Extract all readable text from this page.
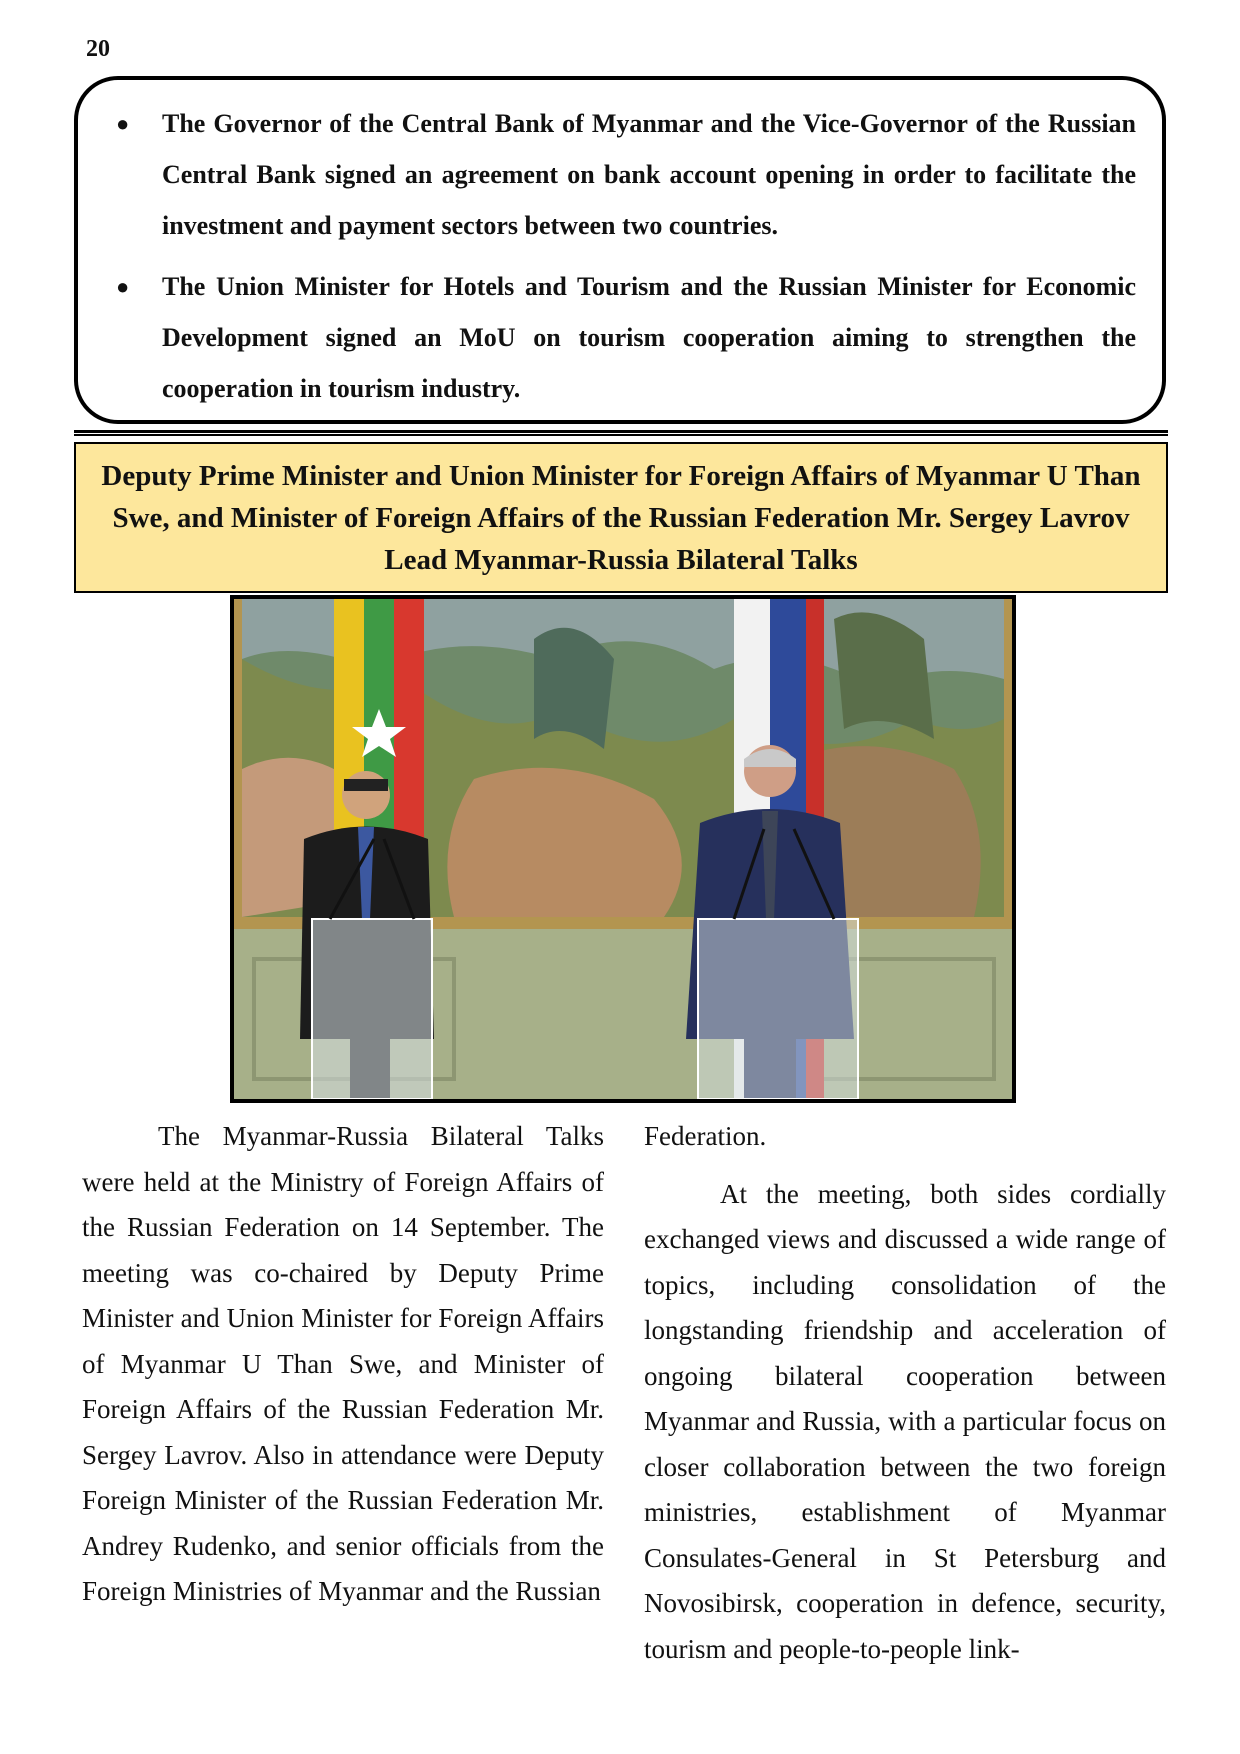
20
● The Governor of the Central Bank of Myanmar and the Vice-Governor of the Russian Central Bank signed an agreement on bank account opening in order to facilitate the investment and payment sectors between two countries.
● The Union Minister for Hotels and Tourism and the Russian Minister for Economic Development signed an MoU on tourism cooperation aiming to strengthen the cooperation in tourism industry.
Deputy Prime Minister and Union Minister for Foreign Affairs of Myanmar U Than Swe, and Minister of Foreign Affairs of the Russian Federation Mr. Sergey Lavrov Lead Myanmar-Russia Bilateral Talks

The Myanmar-Russia Bilateral Talks were held at the Ministry of Foreign Affairs of the Russian Federation on 14 September. The meeting was co-chaired by Deputy Prime Minister and Union Minister for Foreign Affairs of Myanmar U Than Swe, and Minister of Foreign Affairs of the Russian Federation Mr. Sergey Lavrov. Also in attendance were Deputy Foreign Minister of the Russian Federation Mr. Andrey Rudenko, and senior officials from the Foreign Ministries of Myanmar and the Russian

Federation.

At the meeting, both sides cordially exchanged views and discussed a wide range of topics, including consolidation of the longstanding friendship and acceleration of ongoing bilateral cooperation between Myanmar and Russia, with a particular focus on closer collaboration between the two foreign ministries, establishment of Myanmar Consulates-General in St Petersburg and Novosibirsk, cooperation in defence, security, tourism and people-to-people link-
